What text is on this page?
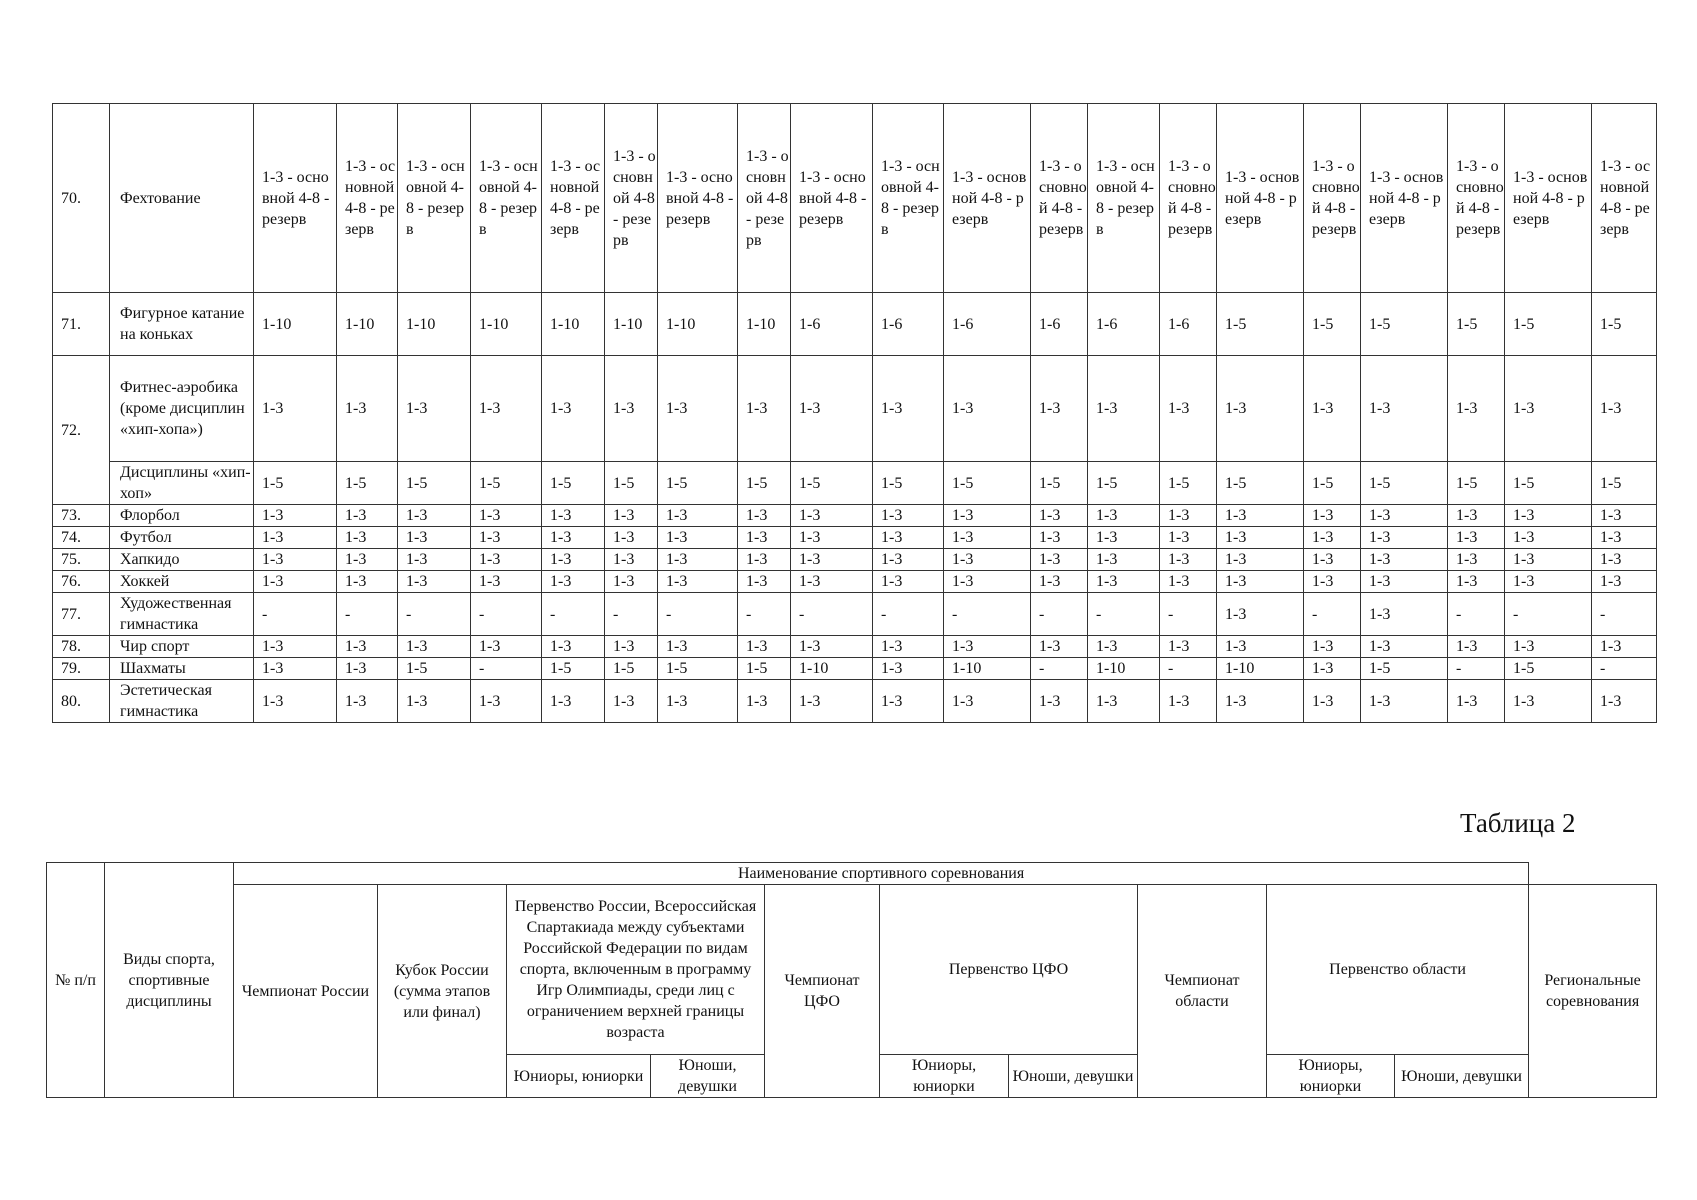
70.	Фехтование	1-3 - основной 4-8 - резерв	1-3 - основной 4-8 - резерв	1-3 - основной 4-8 - резерв	1-3 - основной 4-8 - резерв	1-3 - основной 4-8 - резерв	1-3 - основной 4-8 - резерв	1-3 - основной 4-8 - резерв	1-3 - основной 4-8 - резерв	1-3 - основной 4-8 - резерв	1-3 - основной 4-8 - резерв	1-3 - основной 4-8 - резерв	1-3 - основной 4-8 - резерв	1-3 - основной 4-8 - резерв	1-3 - основной 4-8 - резерв	1-3 - основной 4-8 - резерв	1-3 - основной 4-8 - резерв	1-3 - основной 4-8 - резерв	1-3 - основной 4-8 - резерв	1-3 - основной 4-8 - резерв	1-3 - основной 4-8 - резерв
71.	Фигурное катание на коньках	1-10	1-10	1-10	1-10	1-10	1-10	1-10	1-10	1-6	1-6	1-6	1-6	1-6	1-6	1-5	1-5	1-5	1-5	1-5	1-5
72.	Фитнес-аэробика (кроме дисциплин «хип-хопа»)	1-3	1-3	1-3	1-3	1-3	1-3	1-3	1-3	1-3	1-3	1-3	1-3	1-3	1-3	1-3	1-3	1-3	1-3	1-3	1-3
	Дисциплины «хип-хоп»	1-5	1-5	1-5	1-5	1-5	1-5	1-5	1-5	1-5	1-5	1-5	1-5	1-5	1-5	1-5	1-5	1-5	1-5	1-5	1-5
73.	Флорбол	1-3	1-3	1-3	1-3	1-3	1-3	1-3	1-3	1-3	1-3	1-3	1-3	1-3	1-3	1-3	1-3	1-3	1-3	1-3	1-3
74.	Футбол	1-3	1-3	1-3	1-3	1-3	1-3	1-3	1-3	1-3	1-3	1-3	1-3	1-3	1-3	1-3	1-3	1-3	1-3	1-3	1-3
75.	Хапкидо	1-3	1-3	1-3	1-3	1-3	1-3	1-3	1-3	1-3	1-3	1-3	1-3	1-3	1-3	1-3	1-3	1-3	1-3	1-3	1-3
76.	Хоккей	1-3	1-3	1-3	1-3	1-3	1-3	1-3	1-3	1-3	1-3	1-3	1-3	1-3	1-3	1-3	1-3	1-3	1-3	1-3	1-3
77.	Художественная гимнастика	-	-	-	-	-	-	-	-	-	-	-	-	-	-	1-3	-	1-3	-	-	-
78.	Чир спорт	1-3	1-3	1-3	1-3	1-3	1-3	1-3	1-3	1-3	1-3	1-3	1-3	1-3	1-3	1-3	1-3	1-3	1-3	1-3	1-3
79.	Шахматы	1-3	1-3	1-5	-	1-5	1-5	1-5	1-5	1-10	1-3	1-10	-	1-10	-	1-10	1-3	1-5	-	1-5	-
80.	Эстетическая гимнастика	1-3	1-3	1-3	1-3	1-3	1-3	1-3	1-3	1-3	1-3	1-3	1-3	1-3	1-3	1-3	1-3	1-3	1-3	1-3	1-3
Таблица 2
№ п/п	Виды спорта, спортивные дисциплины	Наименование спортивного соревнования										
		Чемпионат России	Кубок России (сумма этапов или финал)	Первенство России, Всероссийская Спартакиада между субъектами Российской Федерации по видам спорта, включенным в программу Игр Олимпиады, среди лиц с ограничением верхней границы возраста		Чемпионат ЦФО	Первенство ЦФО		Чемпионат области	Первенство области		Региональные соревнования
				Юниоры, юниорки	Юноши, девушки		Юниоры, юниорки	Юноши, девушки		Юниоры, юниорки	Юноши, девушки	
